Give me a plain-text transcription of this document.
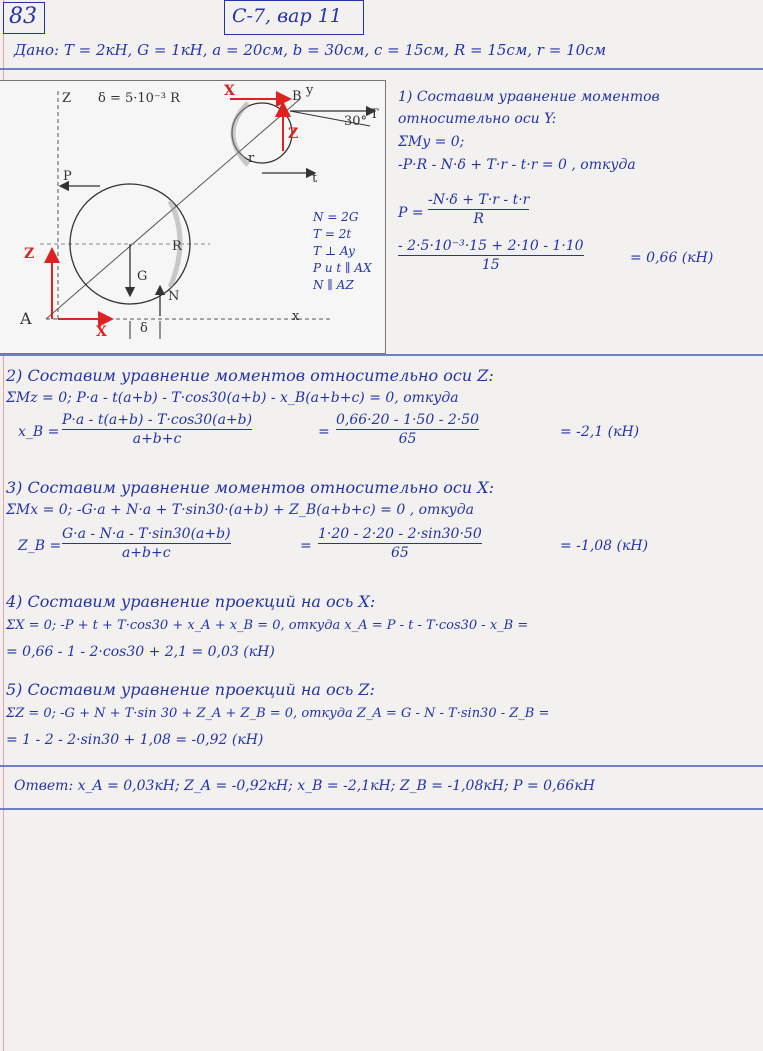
83	С-7, вар 11
Дано: T = 2кН, G = 1кН, a = 20см, b = 30см, c = 15см, R = 15см, r = 10см
Z δ = 5·10⁻³ R	X	B y
Z
30° T
r
t
P
R
Z
G
N
A
X	δ
x
N = 2G
T = 2t
T ⊥ Ay
P и t ∥ AX
N ∥ AZ
1) Составим уравнение моментов относительно оси Y:
ΣMy = 0;
-P·R - N·δ + T·r - t·r = 0 , откуда
P =
-N·δ + T·r - t·r
R
- 2·5·10⁻³·15 + 2·10 - 1·10
15	= 0,66 (кН)
2) Составим уравнение моментов относительно оси Z:
ΣMz = 0; P·a - t(a+b) - T·cos30(a+b) - x_B(a+b+c) = 0, откуда
x_B =
P·a - t(a+b) - T·cos30(a+b)
a+b+c	=
0,66·20 - 1·50 - 2·50
65	= -2,1 (кН)
3) Составим уравнение моментов относительно оси X:
ΣMx = 0; -G·a + N·a + T·sin30·(a+b) + Z_B(a+b+c) = 0 , откуда
Z_B =
G·a - N·a - T·sin30(a+b)
a+b+c	=
1·20 - 2·20 - 2·sin30·50
65	= -1,08 (кН)
4) Составим уравнение проекций на ось X:
ΣX = 0; -P + t + T·cos30 + x_A + x_B = 0, откуда x_A = P - t - T·cos30 - x_B =
= 0,66 - 1 - 2·cos30 + 2,1 = 0,03 (кН)
5) Составим уравнение проекций на ось Z:
ΣZ = 0; -G + N + T·sin 30 + Z_A + Z_B = 0, откуда Z_A = G - N - T·sin30 - Z_B =
= 1 - 2 - 2·sin30 + 1,08 = -0,92 (кН)
Ответ: x_A = 0,03кН; Z_A = -0,92кН; x_B = -2,1кН; Z_B = -1,08кН; P = 0,66кН
